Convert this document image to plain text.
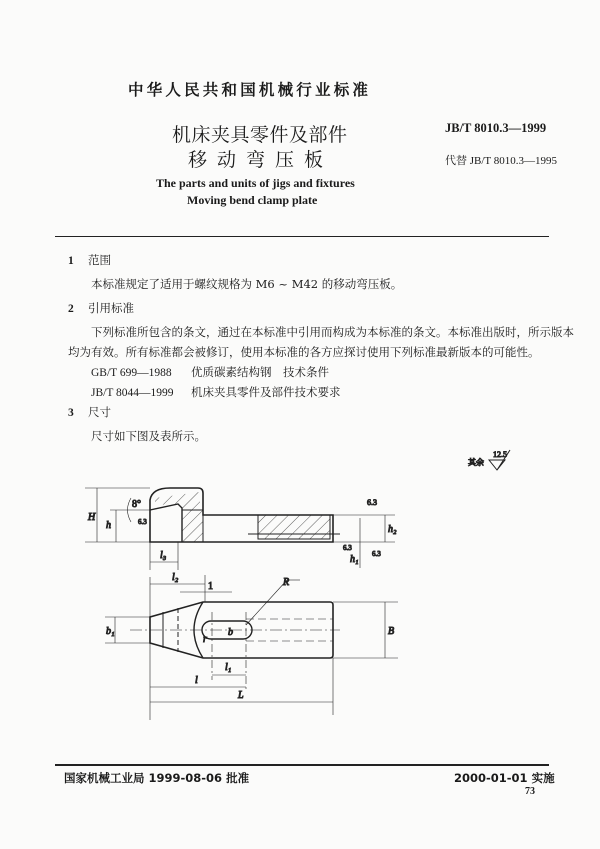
中华人民共和国机械行业标准
机床夹具零件及部件
移动弯压板
The parts and units of jigs and fixtures
Moving bend clamp plate
JB/T 8010.3—1999
代替 JB/T 8010.3—1995
1 范围
本标准规定了适用于螺纹规格为 M6 ~ M42 的移动弯压板。
2 引用标准
下列标准所包含的条文，通过在本标准中引用而构成为本标准的条文。本标准出版时，所示版本
均为有效。所有标准都会被修订，使用本标准的各方应探讨使用下列标准最新版本的可能性。
GB/T 699—1988 优质碳素结构钢　技术条件
JB/T 8044—1999 机床夹具零件及部件技术要求
3 尺寸
尺寸如下图及表所示。
其余
12.5
H
h
8°
6.3
l₃
h₂
h₁
6.3
6.3
6.3
R
r
b
b₁	B
l₂
1
l₁
l
L
国家机械工业局 1999-08-06 批准	2000-01-01 实施
73
